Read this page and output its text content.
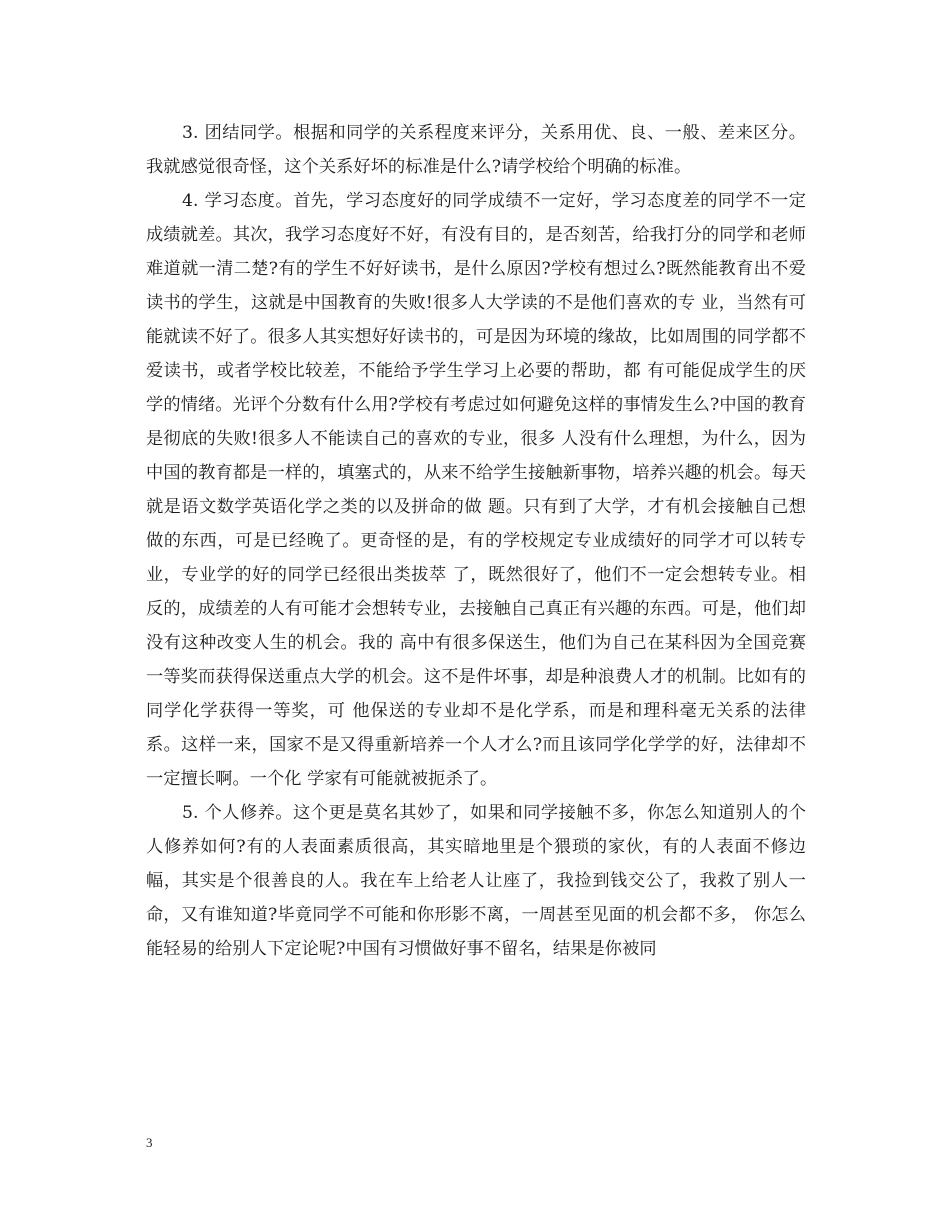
3. 团结同学。根据和同学的关系程度来评分，关系用优、良、一般、差来区分。我就感觉很奇怪，这个关系好坏的标准是什么?请学校给个明确的标准。

4. 学习态度。首先，学习态度好的同学成绩不一定好，学习态度差的同学不一定成绩就差。其次，我学习态度好不好，有没有目的，是否刻苦，给我打分的同学和老师 难道就一清二楚?有的学生不好好读书，是什么原因?学校有想过么?既然能教育出不爱读书的学生，这就是中国教育的失败!很多人大学读的不是他们喜欢的专 业，当然有可能就读不好了。很多人其实想好好读书的，可是因为环境的缘故，比如周围的同学都不爱读书，或者学校比较差，不能给予学生学习上必要的帮助，都 有可能促成学生的厌学的情绪。光评个分数有什么用?学校有考虑过如何避免这样的事情发生么?中国的教育是彻底的失败!很多人不能读自己的喜欢的专业，很多 人没有什么理想，为什么，因为中国的教育都是一样的，填塞式的，从来不给学生接触新事物，培养兴趣的机会。每天就是语文数学英语化学之类的以及拼命的做 题。只有到了大学，才有机会接触自己想做的东西，可是已经晚了。更奇怪的是，有的学校规定专业成绩好的同学才可以转专业，专业学的好的同学已经很出类拔萃 了，既然很好了，他们不一定会想转专业。相反的，成绩差的人有可能才会想转专业，去接触自己真正有兴趣的东西。可是，他们却没有这种改变人生的机会。我的 高中有很多保送生，他们为自己在某科因为全国竞赛一等奖而获得保送重点大学的机会。这不是件坏事，却是种浪费人才的机制。比如有的同学化学获得一等奖，可 他保送的专业却不是化学系，而是和理科毫无关系的法律系。这样一来，国家不是又得重新培养一个人才么?而且该同学化学学的好，法律却不一定擅长啊。一个化 学家有可能就被扼杀了。

5. 个人修养。这个更是莫名其妙了，如果和同学接触不多，你怎么知道别人的个人修养如何?有的人表面素质很高，其实暗地里是个猥琐的家伙，有的人表面不修边 幅，其实是个很善良的人。我在车上给老人让座了，我捡到钱交公了，我救了别人一命，又有谁知道?毕竟同学不可能和你形影不离，一周甚至见面的机会都不多， 你怎么能轻易的给别人下定论呢?中国有习惯做好事不留名，结果是你被同

3
